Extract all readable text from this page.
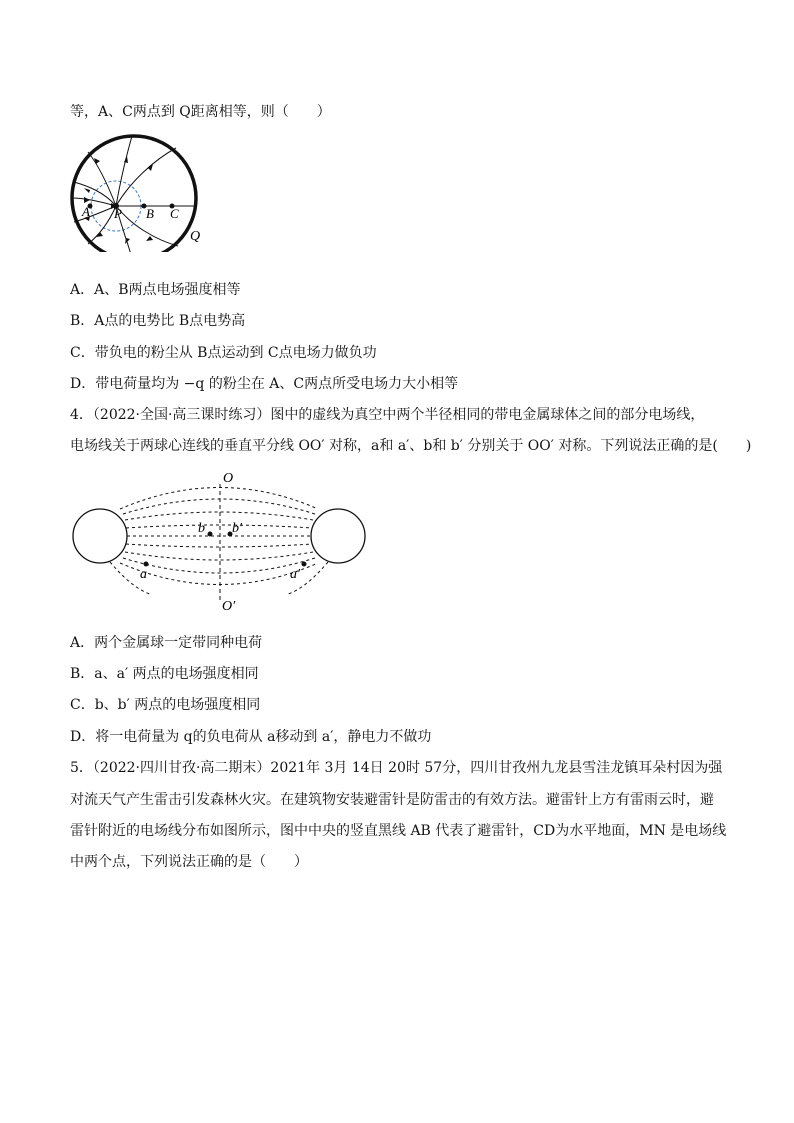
等，A、C两点到 Q距离相等，则（　　）
A P B C
Q
A．A、B两点电场强度相等
B．A点的电势比 B点电势高
C．带负电的粉尘从 B点运动到 C点电场力做负功
D．带电荷量均为 −q 的粉尘在 A、C两点所受电场力大小相等
4．（2022·全国·高三课时练习）图中的虚线为真空中两个半径相同的带电金属球体之间的部分电场线，
电场线关于两球心连线的垂直平分线 OO′ 对称，a和 a′、b和 b′ 分别关于 OO′ 对称。下列说法正确的是(　　)
O
O′
b b′
a	a′
A．两个金属球一定带同种电荷
B．a、a′ 两点的电场强度相同
C．b、b′ 两点的电场强度相同
D．将一电荷量为 q的负电荷从 a移动到 a′，静电力不做功
5．（2022·四川甘孜·高二期末）2021年 3月 14日 20时 57分，四川甘孜州九龙县雪洼龙镇耳朵村因为强
对流天气产生雷击引发森林火灾。在建筑物安装避雷针是防雷击的有效方法。避雷针上方有雷雨云时，避
雷针附近的电场线分布如图所示，图中中央的竖直黑线 AB 代表了避雷针，CD为水平地面，MN 是电场线
中两个点，下列说法正确的是（　　）
